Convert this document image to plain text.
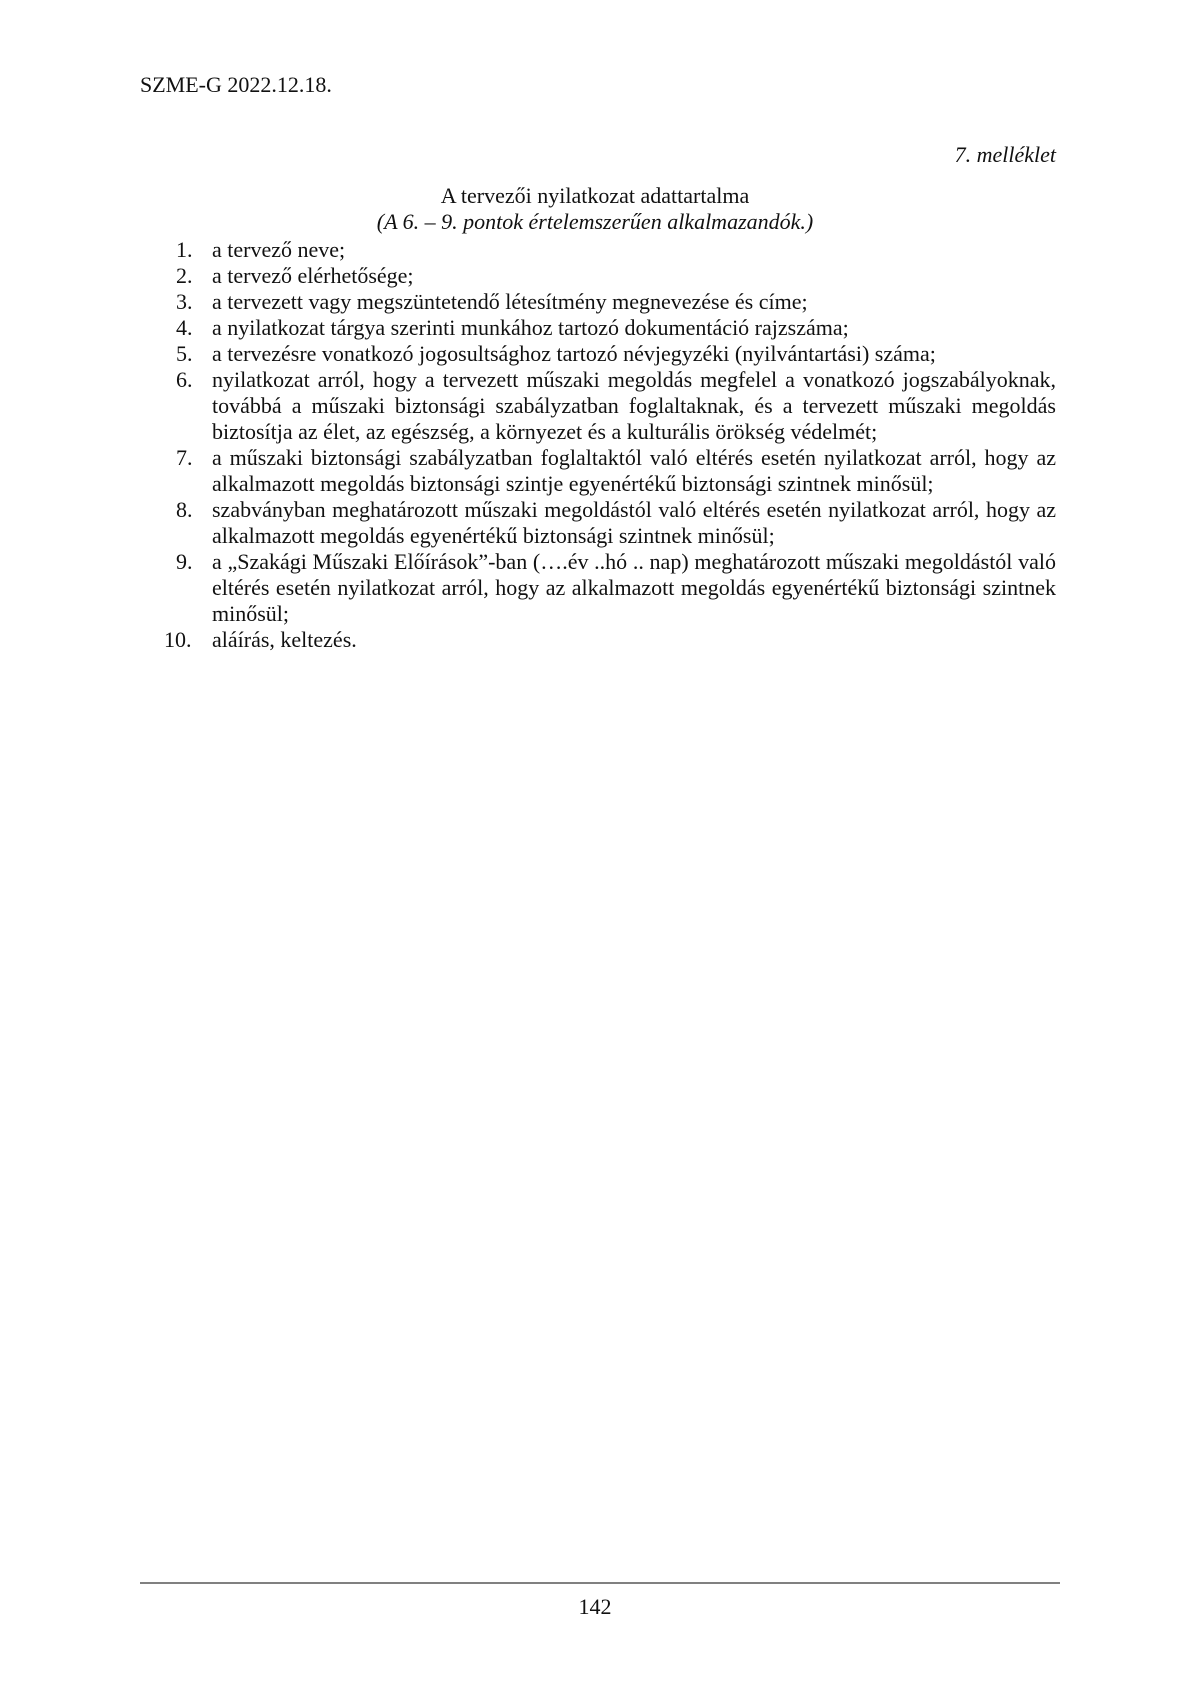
SZME-G 2022.12.18.
7. melléklet
A tervezői nyilatkozat adattartalma
(A 6. – 9. pontok értelemszerűen alkalmazandók.)
1. a tervező neve;
2. a tervező elérhetősége;
3. a tervezett vagy megszüntetendő létesítmény megnevezése és címe;
4. a nyilatkozat tárgya szerinti munkához tartozó dokumentáció rajzszáma;
5. a tervezésre vonatkozó jogosultsághoz tartozó névjegyzéki (nyilvántartási) száma;
6. nyilatkozat arról, hogy a tervezett műszaki megoldás megfelel a vonatkozó jogszabályoknak, továbbá a műszaki biztonsági szabályzatban foglaltaknak, és a tervezett műszaki megoldás biztosítja az élet, az egészség, a környezet és a kulturális örökség védelmét;
7. a műszaki biztonsági szabályzatban foglaltaktól való eltérés esetén nyilatkozat arról, hogy az alkalmazott megoldás biztonsági szintje egyenértékű biztonsági szintnek minősül;
8. szabványban meghatározott műszaki megoldástól való eltérés esetén nyilatkozat arról, hogy az alkalmazott megoldás egyenértékű biztonsági szintnek minősül;
9. a „Szakági Műszaki Előírások”-ban (….év ..hó .. nap) meghatározott műszaki megoldástól való eltérés esetén nyilatkozat arról, hogy az alkalmazott megoldás egyenértékű biztonsági szintnek minősül;
10. aláírás, keltezés.
142
